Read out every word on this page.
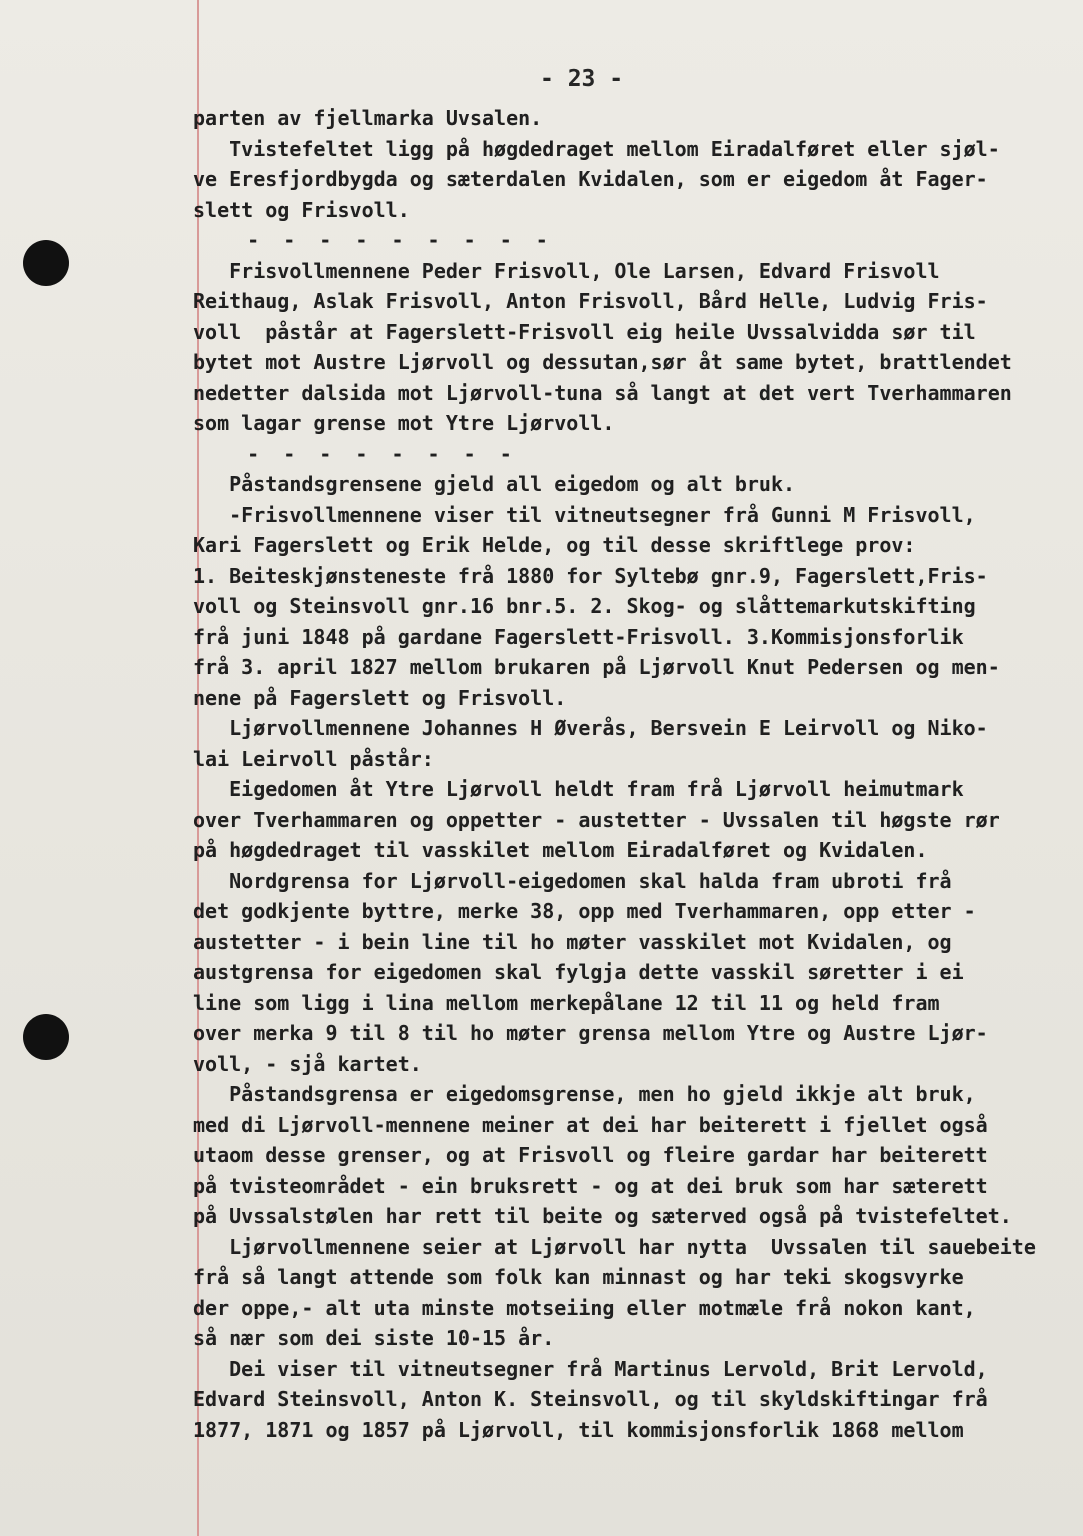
- 23 -
parten av fjellmarka Uvsalen.
Tvistefeltet ligg på høgdedraget mellom Eiradalføret eller sjøl-
ve Eresfjordbygda og sæterdalen Kvidalen, som er eigedom åt Fager-
slett og Frisvoll.
- - - - - - - - -
Frisvollmennene Peder Frisvoll, Ole Larsen, Edvard Frisvoll
Reithaug, Aslak Frisvoll, Anton Frisvoll, Bård Helle, Ludvig Fris-
voll  påstår at Fagerslett-Frisvoll eig heile Uvssalvidda sør til
bytet mot Austre Ljørvoll og dessutan,sør åt same bytet, brattlendet
nedetter dalsida mot Ljørvoll-tuna så langt at det vert Tverhammaren
som lagar grense mot Ytre Ljørvoll.
- - - - - - - -
Påstandsgrensene gjeld all eigedom og alt bruk.
-Frisvollmennene viser til vitneutsegner frå Gunni M Frisvoll,
Kari Fagerslett og Erik Helde, og til desse skriftlege prov:
1. Beiteskjønsteneste frå 1880 for Syltebø gnr.9, Fagerslett,Fris-
voll og Steinsvoll gnr.16 bnr.5. 2. Skog- og slåttemarkutskifting
frå juni 1848 på gardane Fagerslett-Frisvoll. 3.Kommisjonsforlik
frå 3. april 1827 mellom brukaren på Ljørvoll Knut Pedersen og men-
nene på Fagerslett og Frisvoll.
Ljørvollmennene Johannes H Øverås, Bersvein E Leirvoll og Niko-
lai Leirvoll påstår:
Eigedomen åt Ytre Ljørvoll heldt fram frå Ljørvoll heimutmark
over Tverhammaren og oppetter - austetter - Uvssalen til høgste rør
på høgdedraget til vasskilet mellom Eiradalføret og Kvidalen.
Nordgrensa for Ljørvoll-eigedomen skal halda fram ubroti frå
det godkjente byttre, merke 38, opp med Tverhammaren, opp etter -
austetter - i bein line til ho møter vasskilet mot Kvidalen, og
austgrensa for eigedomen skal fylgja dette vasskil søretter i ei
line som ligg i lina mellom merkepålane 12 til 11 og held fram
over merka 9 til 8 til ho møter grensa mellom Ytre og Austre Ljør-
voll, - sjå kartet.
Påstandsgrensa er eigedomsgrense, men ho gjeld ikkje alt bruk,
med di Ljørvoll-mennene meiner at dei har beiterett i fjellet også
utaom desse grenser, og at Frisvoll og fleire gardar har beiterett
på tvisteområdet - ein bruksrett - og at dei bruk som har sæterett
på Uvssalstølen har rett til beite og sæterved også på tvistefeltet.
Ljørvollmennene seier at Ljørvoll har nytta  Uvssalen til sauebeite
frå så langt attende som folk kan minnast og har teki skogsvyrke
der oppe,- alt uta minste motseiing eller motmæle frå nokon kant,
så nær som dei siste 10-15 år.
Dei viser til vitneutsegner frå Martinus Lervold, Brit Lervold,
Edvard Steinsvoll, Anton K. Steinsvoll, og til skyldskiftingar frå
1877, 1871 og 1857 på Ljørvoll, til kommisjonsforlik 1868 mellom
